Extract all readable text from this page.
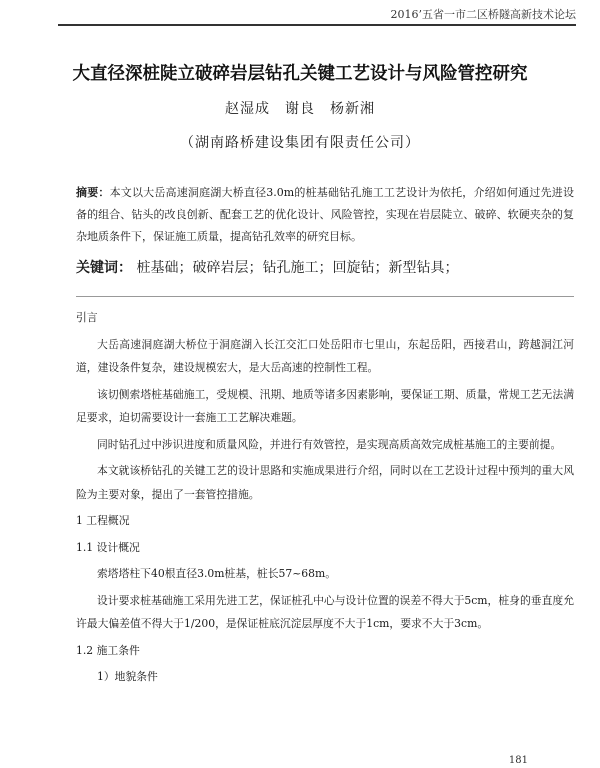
2016’五省一市二区桥隧高新技术论坛
大直径深桩陡立破碎岩层钻孔关键工艺设计与风险管控研究
赵湿成　谢良　杨新湘
（湖南路桥建设集团有限责任公司）
摘要：本文以大岳高速洞庭湖大桥直径3.0m的桩基础钻孔施工工艺设计为依托，介绍如何通过先进设备的组合、钻头的改良创新、配套工艺的优化设计、风险管控，实现在岩层陡立、破碎、软硬夹杂的复杂地质条件下，保证施工质量，提高钻孔效率的研究目标。
关键词： 桩基础；破碎岩层；钻孔施工；回旋钻；新型钻具；

引言

大岳高速洞庭湖大桥位于洞庭湖入长江交汇口处岳阳市七里山，东起岳阳，西接君山，跨越洞江河道，建设条件复杂，建设规模宏大，是大岳高速的控制性工程。

该切侧索塔桩基础施工，受规模、汛期、地质等诸多因素影响，要保证工期、质量，常规工艺无法满足要求，迫切需要设计一套施工工艺解决难题。

同时钻孔过中涉识进度和质量风险，并进行有效管控，是实现高质高效完成桩基施工的主要前提。

本文就该桥钻孔的关键工艺的设计思路和实施成果进行介绍，同时以在工艺设计过程中预判的重大风险为主要对象，提出了一套管控措施。

1 工程概况

1.1 设计概况

索塔塔柱下40根直径3.0m桩基，桩长57~68m。

设计要求桩基础施工采用先进工艺，保证桩孔中心与设计位置的误差不得大于5cm，桩身的垂直度允许最大偏差值不得大于1/200，是保证桩底沉淀层厚度不大于1cm，要求不大于3cm。

1.2 施工条件

1）地貌条件

181
